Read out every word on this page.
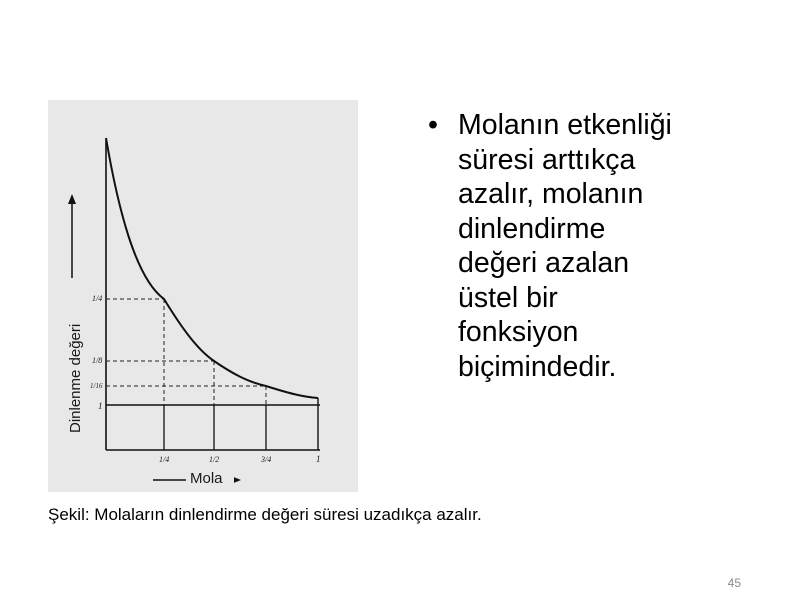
Dinlenme değeri
1/4
1/8
1/16
1
1/4	1/2	3/4	1
Mola
• Molanın etkenliği
süresi arttıkça
azalır, molanın
dinlendirme
değeri azalan
üstel bir
fonksiyon
biçimindedir.
Şekil: Molaların dinlendirme değeri süresi uzadıkça azalır.
45
